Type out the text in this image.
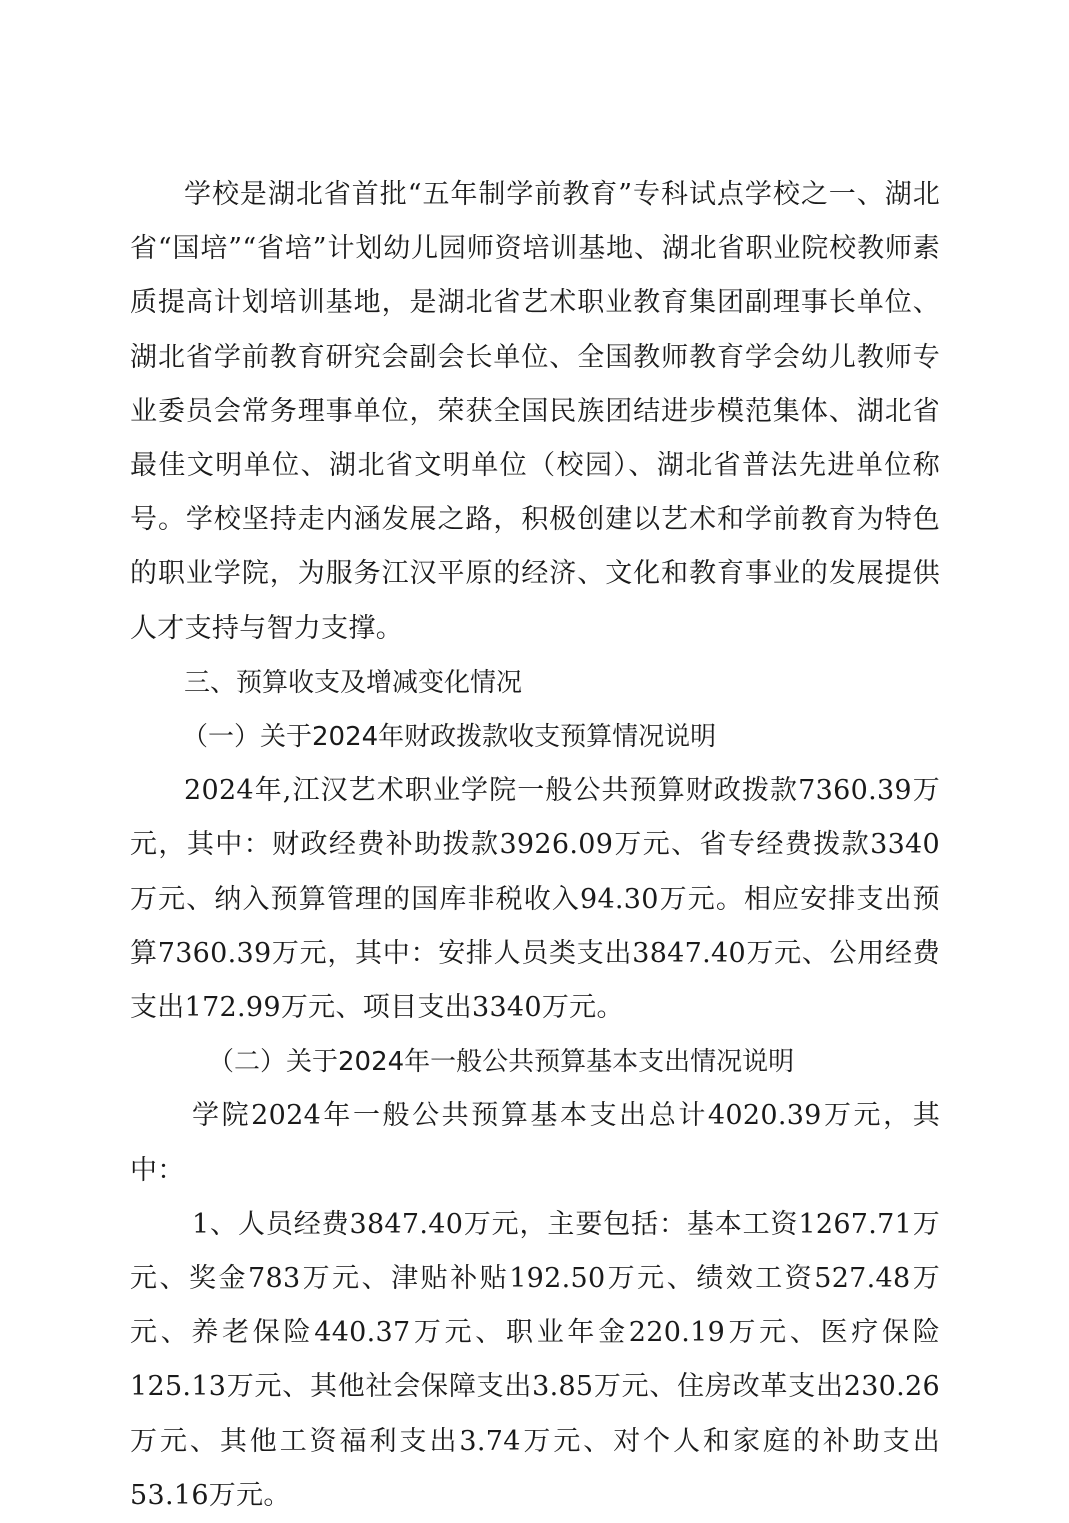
学校是湖北省首批“五年制学前教育”专科试点学校之一、湖北省“国培”“省培”计划幼儿园师资培训基地、湖北省职业院校教师素质提高计划培训基地，是湖北省艺术职业教育集团副理事长单位、湖北省学前教育研究会副会长单位、全国教师教育学会幼儿教师专业委员会常务理事单位，荣获全国民族团结进步模范集体、湖北省最佳文明单位、湖北省文明单位（校园）、湖北省普法先进单位称号。学校坚持走内涵发展之路，积极创建以艺术和学前教育为特色的职业学院，为服务江汉平原的经济、文化和教育事业的发展提供人才支持与智力支撑。

三、预算收支及增减变化情况

（一）关于2024年财政拨款收支预算情况说明

2024年,江汉艺术职业学院一般公共预算财政拨款7360.39万元，其中：财政经费补助拨款3926.09万元、省专经费拨款3340万元、纳入预算管理的国库非税收入94.30万元。相应安排支出预算7360.39万元，其中：安排人员类支出3847.40万元、公用经费支出172.99万元、项目支出3340万元。

（二）关于2024年一般公共预算基本支出情况说明

学院2024年一般公共预算基本支出总计4020.39万元，其中：

1、人员经费3847.40万元，主要包括：基本工资1267.71万元、奖金783万元、津贴补贴192.50万元、绩效工资527.48万元、养老保险440.37万元、职业年金220.19万元、医疗保险125.13万元、其他社会保障支出3.85万元、住房改革支出230.26万元、其他工资福利支出3.74万元、对个人和家庭的补助支出53.16万元。
